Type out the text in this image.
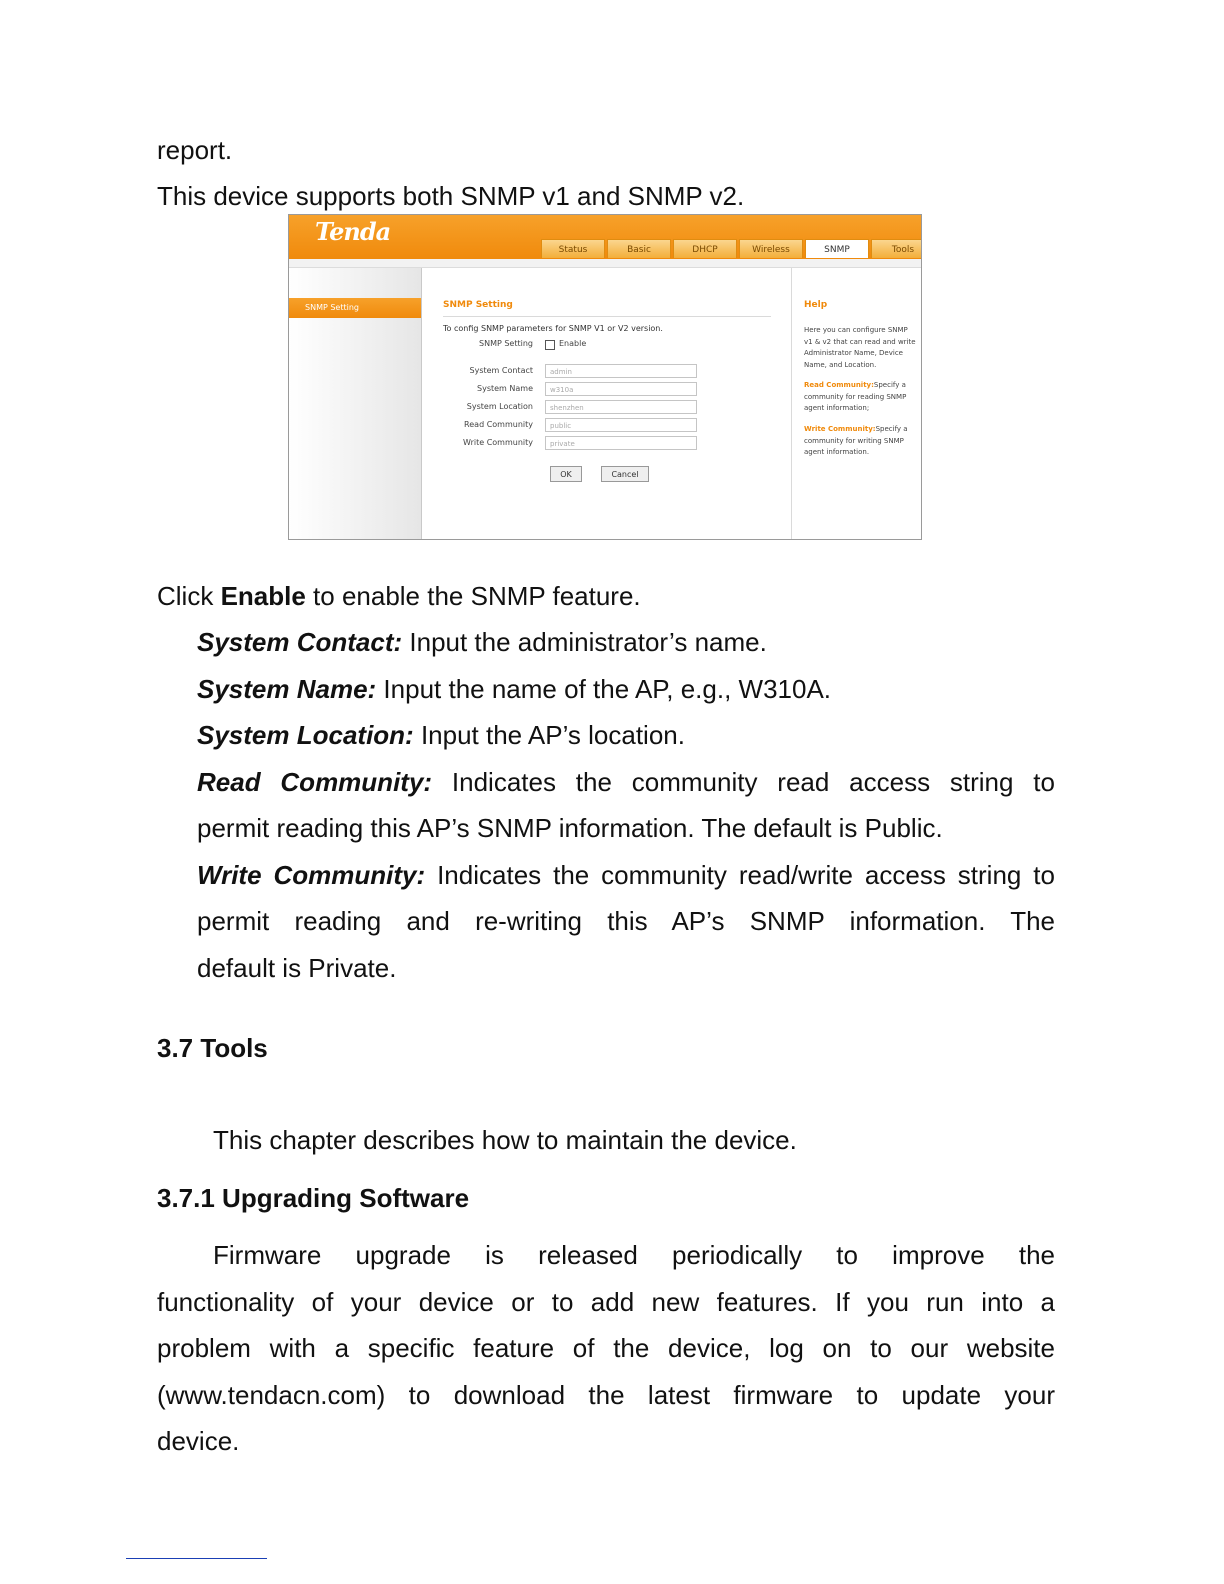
report.

This device supports both SNMP v1 and SNMP v2.

Tenda
Status	Basic	DHCP	Wireless	SNMP	Tools
SNMP Setting	SNMP Setting
To config SNMP parameters for SNMP V1 or V2 version.
SNMP Setting	Enable
System Contact	admin
System Name	w310a
System Location	shenzhen
Read Community	public
Write Community	private
OK	Cancel
Help
Here you can configure SNMP v1 & v2 that can read and write Administrator Name, Device Name, and Location.
Read Community:Specify a community for reading SNMP agent information;
Write Community:Specify a community for writing SNMP agent information.

Click Enable to enable the SNMP feature.

System Contact: Input the administrator’s name.

System Name: Input the name of the AP, e.g., W310A.

System Location: Input the AP’s location.

Read Community: Indicates the community read access string to

permit reading this AP’s SNMP information. The default is Public.

Write Community: Indicates the community read/write access string to

permit reading and re-writing this AP’s SNMP information. The

default is Private.

3.7 Tools

This chapter describes how to maintain the device.

3.7.1 Upgrading Software

Firmware upgrade is released periodically to improve the

functionality of your device or to add new features. If you run into a

problem with a specific feature of the device, log on to our website

(www.tendacn.com) to download the latest firmware to update your

device.
